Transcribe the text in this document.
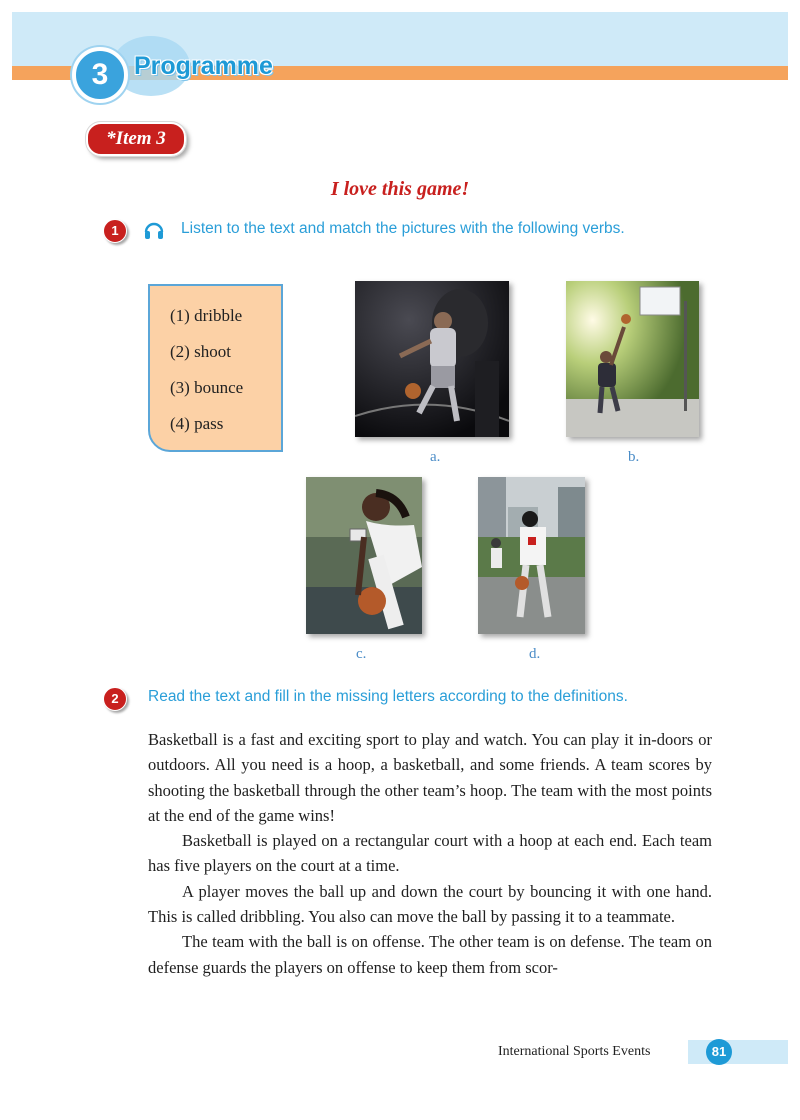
3	Programme
*Item 3
I love this game!
1	Listen to the text and match the pictures with the following verbs.
(1) dribble
(2) shoot
(3) bounce
(4) pass
a.	b.
c.	d.
2	Read the text and fill in the missing letters according to the definitions.

Basketball is a fast and exciting sport to play and watch. You can play it in-doors or outdoors. All you need is a hoop, a basketball, and some friends. A team scores by shooting the basketball through the other team’s hoop. The team with the most points at the end of the game wins!

Basketball is played on a rectangular court with a hoop at each end. Each team has five players on the court at a time.

A player moves the ball up and down the court by bouncing it with one hand. This is called dribbling. You also can move the ball by passing it to a teammate.

The team with the ball is on offense. The other team is on defense. The team on defense guards the players on offense to keep them from scor-

International Sports Events	81
